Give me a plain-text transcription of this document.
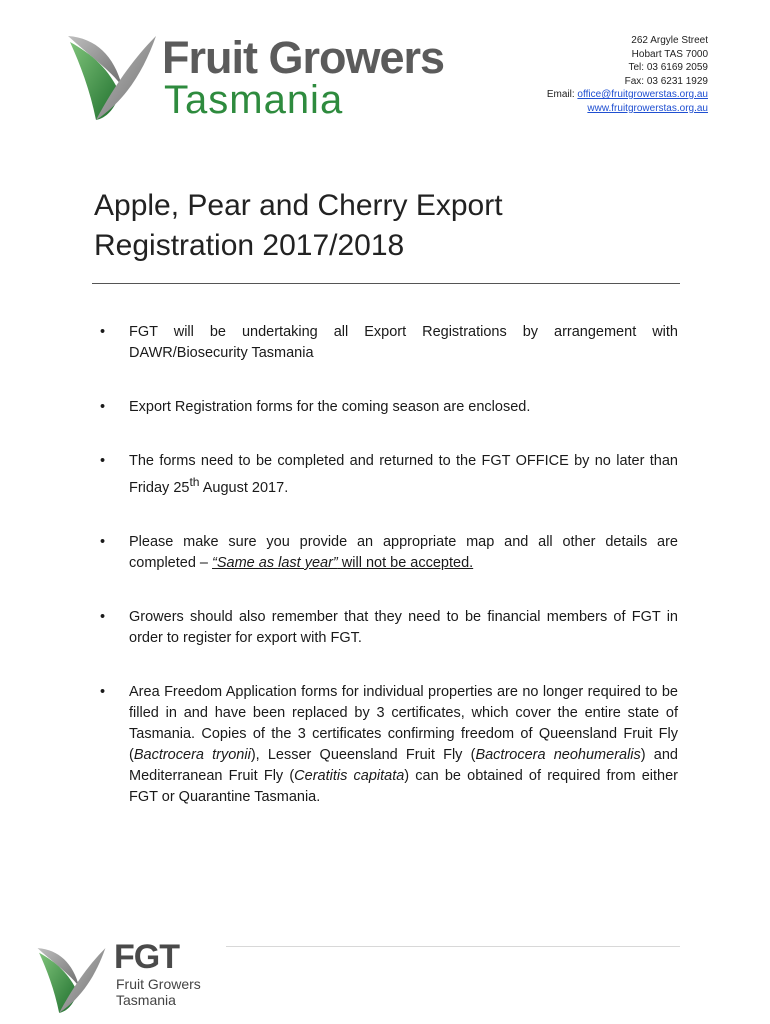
Fruit Growers
Tasmania
262 Argyle Street
Hobart TAS 7000
Tel: 03 6169 2059
Fax: 03 6231 1929
Email: office@fruitgrowerstas.org.au
www.fruitgrowerstas.org.au
Apple, Pear and Cherry Export
Registration 2017/2018
• FGT will be undertaking all Export Registrations by arrangement with DAWR/Biosecurity Tasmania
• Export Registration forms for the coming season are enclosed.
• The forms need to be completed and returned to the FGT OFFICE by no later than Friday 25th August 2017.
• Please make sure you provide an appropriate map and all other details are completed – “Same as last year” will not be accepted.
• Growers should also remember that they need to be financial members of FGT in order to register for export with FGT.
• Area Freedom Application forms for individual properties are no longer required to be filled in and have been replaced by 3 certificates, which cover the entire state of Tasmania. Copies of the 3 certificates confirming freedom of Queensland Fruit Fly (Bactrocera tryonii), Lesser Queensland Fruit Fly (Bactrocera neohumeralis) and Mediterranean Fruit Fly (Ceratitis capitata) can be obtained of required from either FGT or Quarantine Tasmania.
FGT
Fruit Growers
Tasmania
